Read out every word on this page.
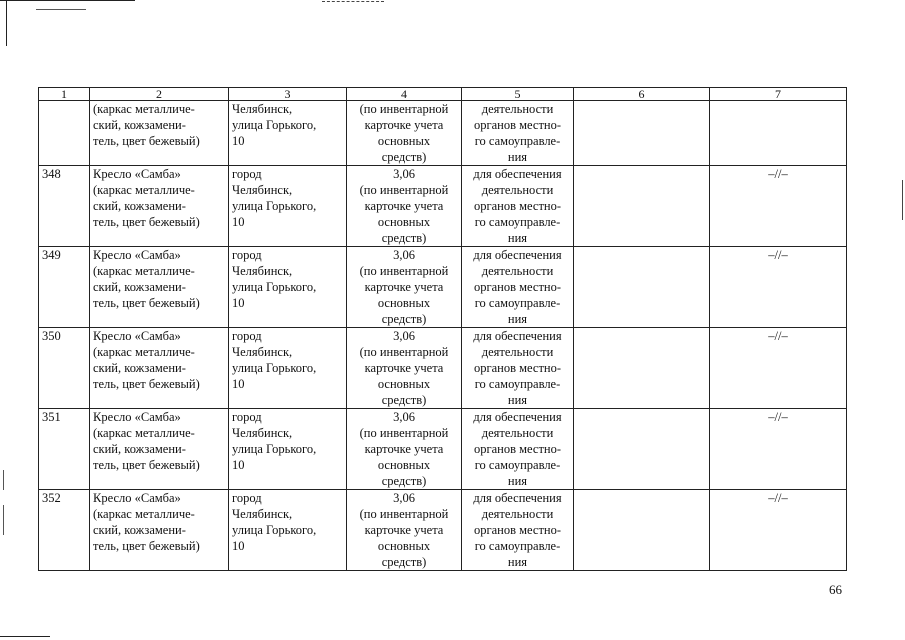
1	2	3	4	5	6	7
	(каркас металличе-
ский, кожзамени-
тель, цвет бежевый)	Челябинск,
улица Горького,
10	(по инвентарной
карточке учета
основных
средств)	деятельности
органов местно-
го самоуправле-
ния		
348	Кресло «Самба»
(каркас металличе-
ский, кожзамени-
тель, цвет бежевый)	город
Челябинск,
улица Горького,
10	3,06
(по инвентарной
карточке учета
основных
средств)	для обеспечения
деятельности
органов местно-
го самоуправле-
ния		–//–
349	Кресло «Самба»
(каркас металличе-
ский, кожзамени-
тель, цвет бежевый)	город
Челябинск,
улица Горького,
10	3,06
(по инвентарной
карточке учета
основных
средств)	для обеспечения
деятельности
органов местно-
го самоуправле-
ния		–//–
350	Кресло «Самба»
(каркас металличе-
ский, кожзамени-
тель, цвет бежевый)	город
Челябинск,
улица Горького,
10	3,06
(по инвентарной
карточке учета
основных
средств)	для обеспечения
деятельности
органов местно-
го самоуправле-
ния		–//–
351	Кресло «Самба»
(каркас металличе-
ский, кожзамени-
тель, цвет бежевый)	город
Челябинск,
улица Горького,
10	3,06
(по инвентарной
карточке учета
основных
средств)	для обеспечения
деятельности
органов местно-
го самоуправле-
ния		–//–
352	Кресло «Самба»
(каркас металличе-
ский, кожзамени-
тель, цвет бежевый)	город
Челябинск,
улица Горького,
10	3,06
(по инвентарной
карточке учета
основных
средств)	для обеспечения
деятельности
органов местно-
го самоуправле-
ния		–//–
66
